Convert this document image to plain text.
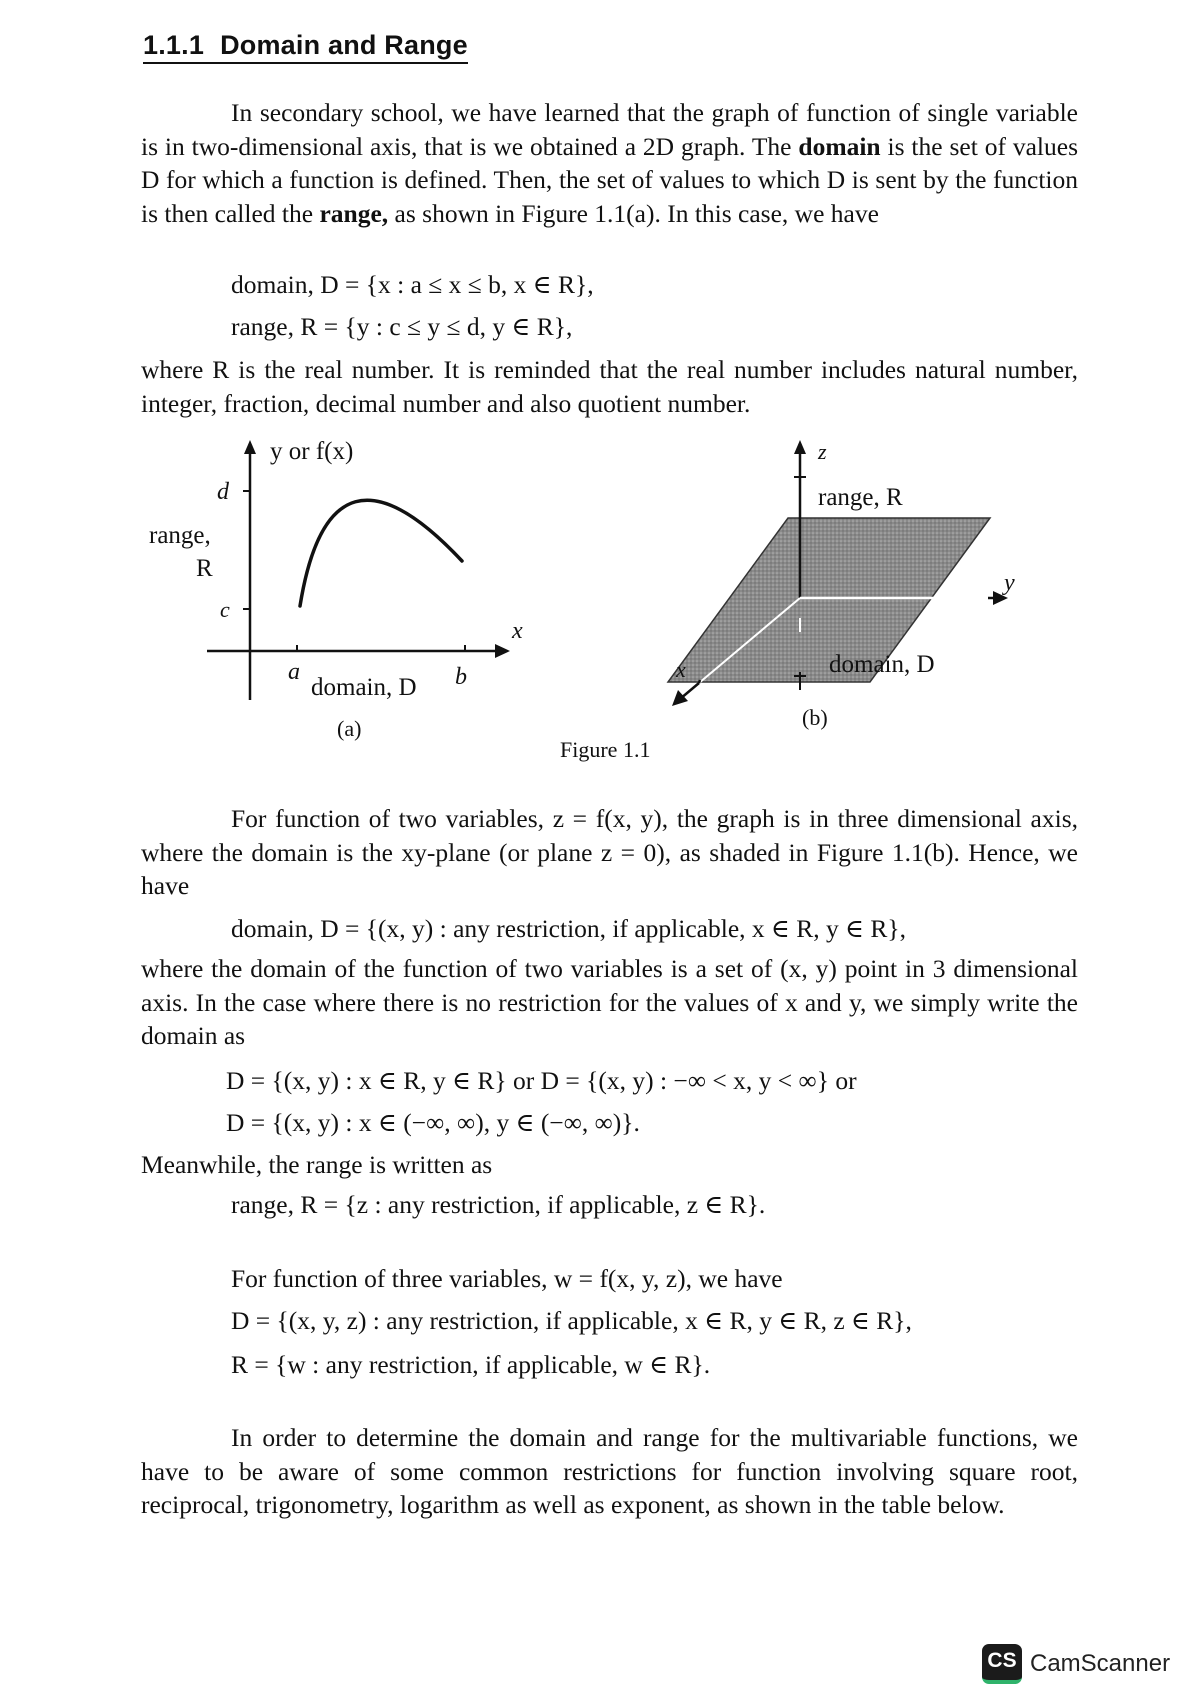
1.1.1 Domain and Range
In secondary school, we have learned that the graph of function of single variable is in two-dimensional axis, that is we obtained a 2D graph. The domain is the set of values D for which a function is defined. Then, the set of values to which D is sent by the function is then called the range, as shown in Figure 1.1(a). In this case, we have
domain, D = {x : a ≤ x ≤ b, x ∈ R},
range, R = {y : c ≤ y ≤ d, y ∈ R},
where R is the real number. It is reminded that the real number includes natural number, integer, fraction, decimal number and also quotient number.
y or f(x)
d
c
range,
R
x
a	b
domain, D
(a)
z
range, R
y
x	domain, D
(b)
Figure 1.1
For function of two variables, z = f(x, y), the graph is in three dimensional axis, where the domain is the xy-plane (or plane z = 0), as shaded in Figure 1.1(b). Hence, we have
domain, D = {(x, y) : any restriction, if applicable, x ∈ R, y ∈ R},
where the domain of the function of two variables is a set of (x, y) point in 3 dimensional axis. In the case where there is no restriction for the values of x and y, we simply write the domain as
D = {(x, y) : x ∈ R, y ∈ R} or D = {(x, y) : −∞ < x, y < ∞} or
D = {(x, y) : x ∈ (−∞, ∞), y ∈ (−∞, ∞)}.
Meanwhile, the range is written as
range, R = {z : any restriction, if applicable, z ∈ R}.
For function of three variables, w = f(x, y, z), we have
D = {(x, y, z) : any restriction, if applicable, x ∈ R, y ∈ R, z ∈ R},
R = {w : any restriction, if applicable, w ∈ R}.
In order to determine the domain and range for the multivariable functions, we have to be aware of some common restrictions for function involving square root, reciprocal, trigonometry, logarithm as well as exponent, as shown in the table below.
CS CamScanner
